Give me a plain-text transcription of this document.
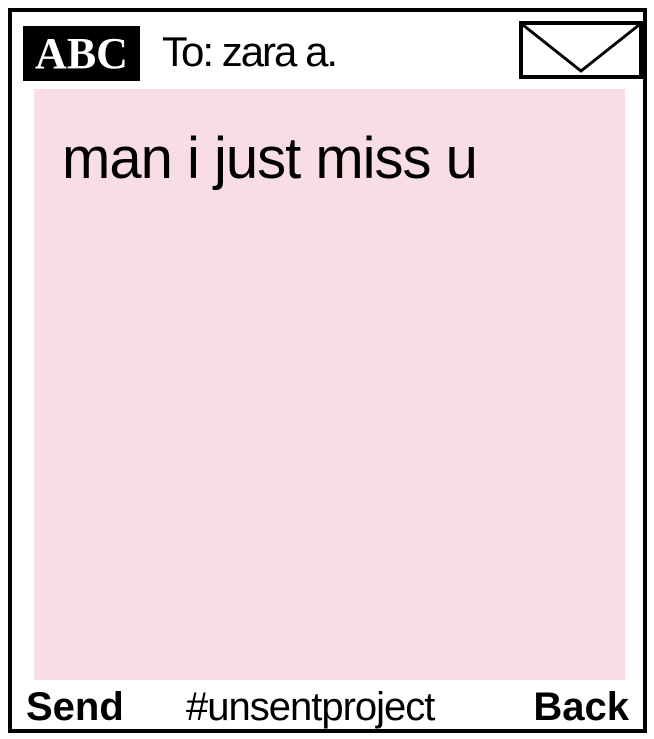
ABC To: zara a.
man i just miss u
Send #unsentproject Back
